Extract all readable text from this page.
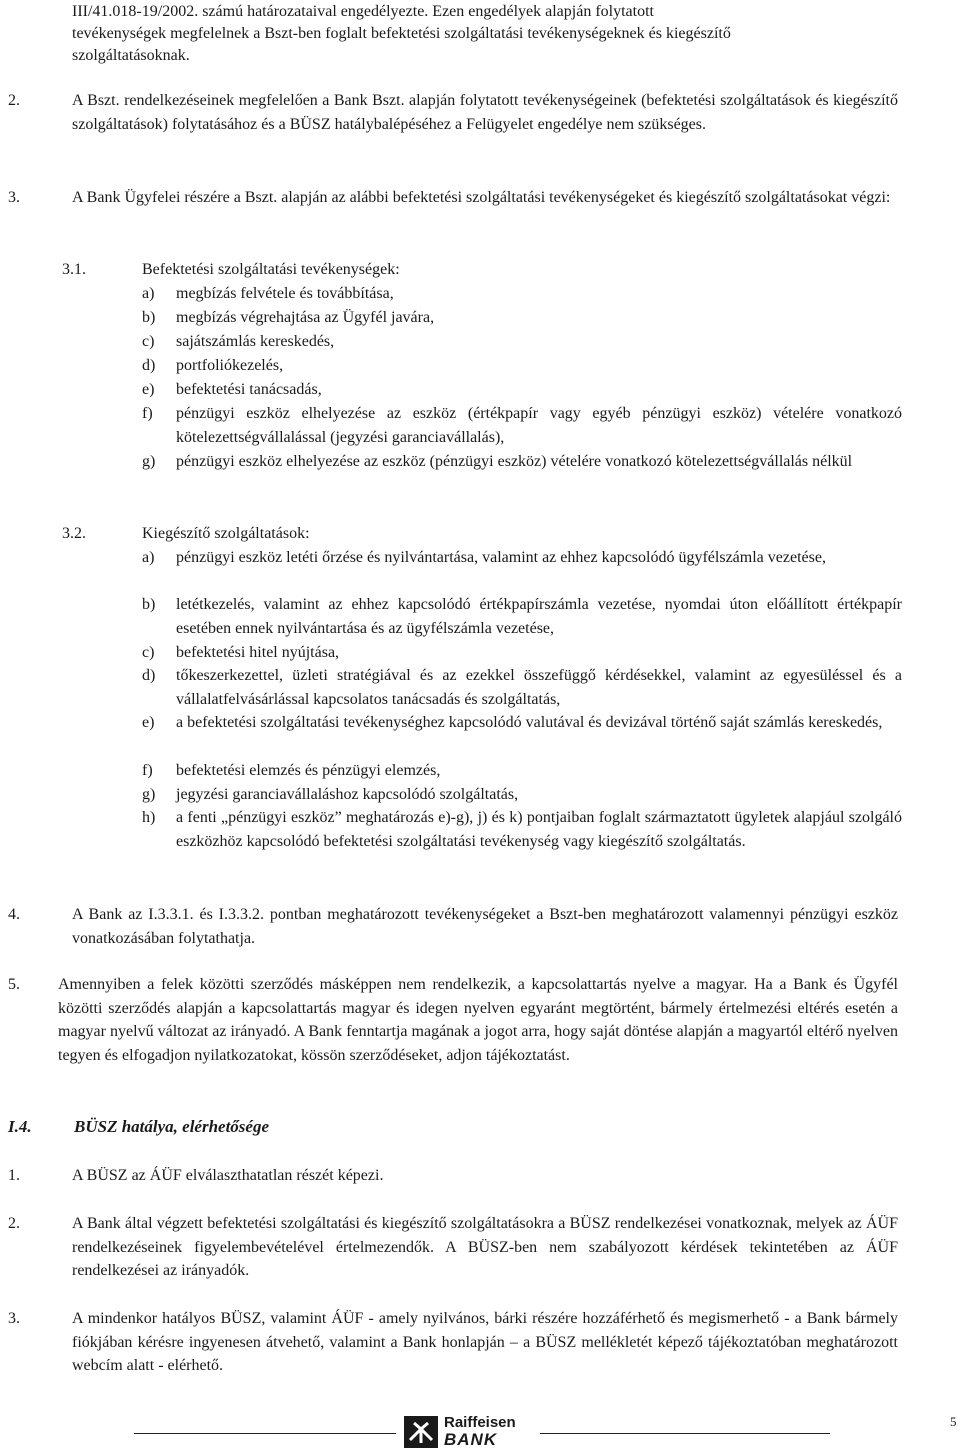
III/41.018-19/2002. számú határozataival engedélyezte. Ezen engedélyek alapján folytatott
tevékenységek megfelelnek a Bszt-ben foglalt befektetési szolgáltatási tevékenységeknek és kiegészítő
szolgáltatásoknak.
2.	A Bszt. rendelkezéseinek megfelelően a Bank Bszt. alapján folytatott tevékenységeinek (befektetési szolgáltatások és kiegészítő szolgáltatások) folytatásához és a BÜSZ hatálybalépéséhez a Felügyelet engedélye nem szükséges.
3.	A Bank Ügyfelei részére a Bszt. alapján az alábbi befektetési szolgáltatási tevékenységeket és kiegészítő szolgáltatásokat végzi:
3.1.	Befektetési szolgáltatási tevékenységek:
a)	megbízás felvétele és továbbítása,
b)	megbízás végrehajtása az Ügyfél javára,
c)	sajátszámlás kereskedés,
d)	portfoliókezelés,
e)	befektetési tanácsadás,
f)	pénzügyi eszköz elhelyezése az eszköz (értékpapír vagy egyéb pénzügyi eszköz) vételére vonatkozó kötelezettségvállalással (jegyzési garanciavállalás),
g)	pénzügyi eszköz elhelyezése az eszköz (pénzügyi eszköz) vételére vonatkozó kötelezettségvállalás nélkül
3.2.	Kiegészítő szolgáltatások:
a)	pénzügyi eszköz letéti őrzése és nyilvántartása, valamint az ehhez kapcsolódó ügyfélszámla vezetése,
b)	letétkezelés, valamint az ehhez kapcsolódó értékpapírszámla vezetése, nyomdai úton előállított értékpapír esetében ennek nyilvántartása és az ügyfélszámla vezetése,
c)	befektetési hitel nyújtása,
d)	tőkeszerkezettel, üzleti stratégiával és az ezekkel összefüggő kérdésekkel, valamint az egyesüléssel és a vállalatfelvásárlással kapcsolatos tanácsadás és szolgáltatás,
e)	a befektetési szolgáltatási tevékenységhez kapcsolódó valutával és devizával történő saját számlás kereskedés,
f)	befektetési elemzés és pénzügyi elemzés,
g)	jegyzési garanciavállaláshoz kapcsolódó szolgáltatás,
h)	a fenti „pénzügyi eszköz” meghatározás e)-g), j) és k) pontjaiban foglalt származtatott ügyletek alapjául szolgáló eszközhöz kapcsolódó befektetési szolgáltatási tevékenység vagy kiegészítő szolgáltatás.
4.	A Bank az I.3.3.1. és I.3.3.2. pontban meghatározott tevékenységeket a Bszt-ben meghatározott valamennyi pénzügyi eszköz vonatkozásában folytathatja.
5. Amennyiben a felek közötti szerződés másképpen nem rendelkezik, a kapcsolattartás nyelve a magyar. Ha a Bank és Ügyfél közötti szerződés alapján a kapcsolattartás magyar és idegen nyelven egyaránt megtörtént, bármely értelmezési eltérés esetén a magyar nyelvű változat az irányadó. A Bank fenntartja magának a jogot arra, hogy saját döntése alapján a magyartól eltérő nyelven tegyen és elfogadjon nyilatkozatokat, kössön szerződéseket, adjon tájékoztatást.
I.4. BÜSZ hatálya, elérhetősége
1.	A BÜSZ az ÁÜF elválaszthatatlan részét képezi.
2.	A Bank által végzett befektetési szolgáltatási és kiegészítő szolgáltatásokra a BÜSZ rendelkezései vonatkoznak, melyek az ÁÜF rendelkezéseinek figyelembevételével értelmezendők. A BÜSZ-ben nem szabályozott kérdések tekintetében az ÁÜF rendelkezései az irányadók.
3.	A mindenkor hatályos BÜSZ, valamint ÁÜF - amely nyilvános, bárki részére hozzáférhető és megismerhető - a Bank bármely fiókjában kérésre ingyenesen átvehető, valamint a Bank honlapján – a BÜSZ mellékletét képező tájékoztatóban meghatározott webcím alatt - elérhető.
Raiffeisen
BANK
5
